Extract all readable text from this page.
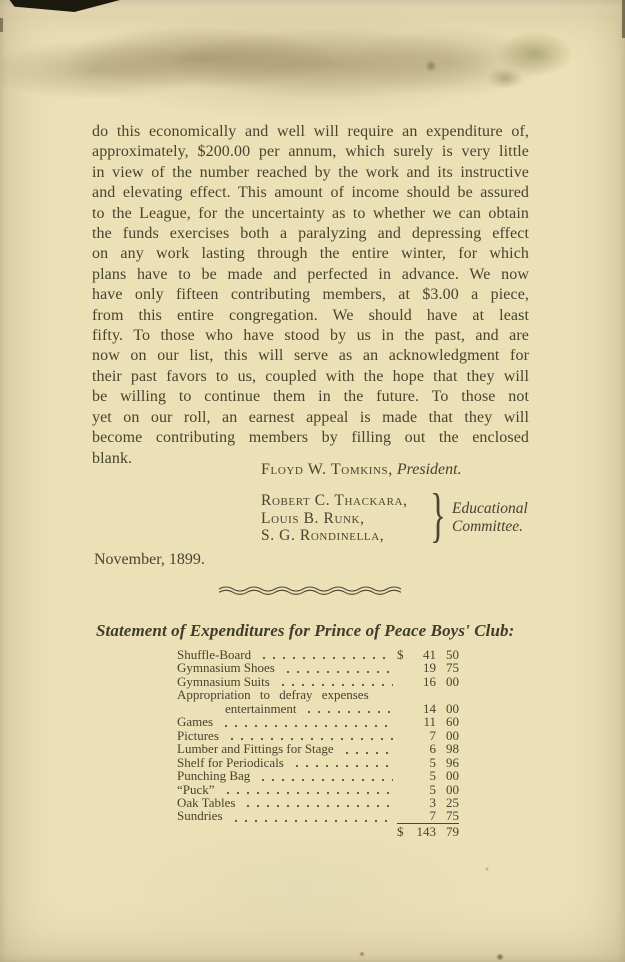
do this economically and well will require an expenditure of,
approximately, $200.00 per annum, which surely is very little
in view of the number reached by the work and its instructive
and elevating effect. This amount of income should be assured
to the League, for the uncertainty as to whether we can obtain
the funds exercises both a paralyzing and depressing effect
on any work lasting through the entire winter, for which
plans have to be made and perfected in advance. We now
have only fifteen contributing members, at $3.00 a piece,
from this entire congregation. We should have at least
fifty. To those who have stood by us in the past, and are
now on our list, this will serve as an acknowledgment for
their past favors to us, coupled with the hope that they will
be willing to continue them in the future. To those not
yet on our roll, an earnest appeal is made that they will
become contributing members by filling out the enclosed
blank.
Floyd W. Tomkins, President.
Robert C. Thackara,
Louis B. Runk,
S. G. Rondinella, } Educational
Committee.
November, 1899.
Statement of Expenditures for Prince of Peace Boys' Club:
Shuffle-Board	$	41 50
Gymnasium Shoes	19 75
Gymnasium Suits	16 00
Appropriation to defray expenses
entertainment	14 00
Games	11 60
Pictures	7 00
Lumber and Fittings for Stage	6 98
Shelf for Periodicals	5 96
Punching Bag	5 00
“Puck”	5 00
Oak Tables	3 25
Sundries	7 75
$	143 79
